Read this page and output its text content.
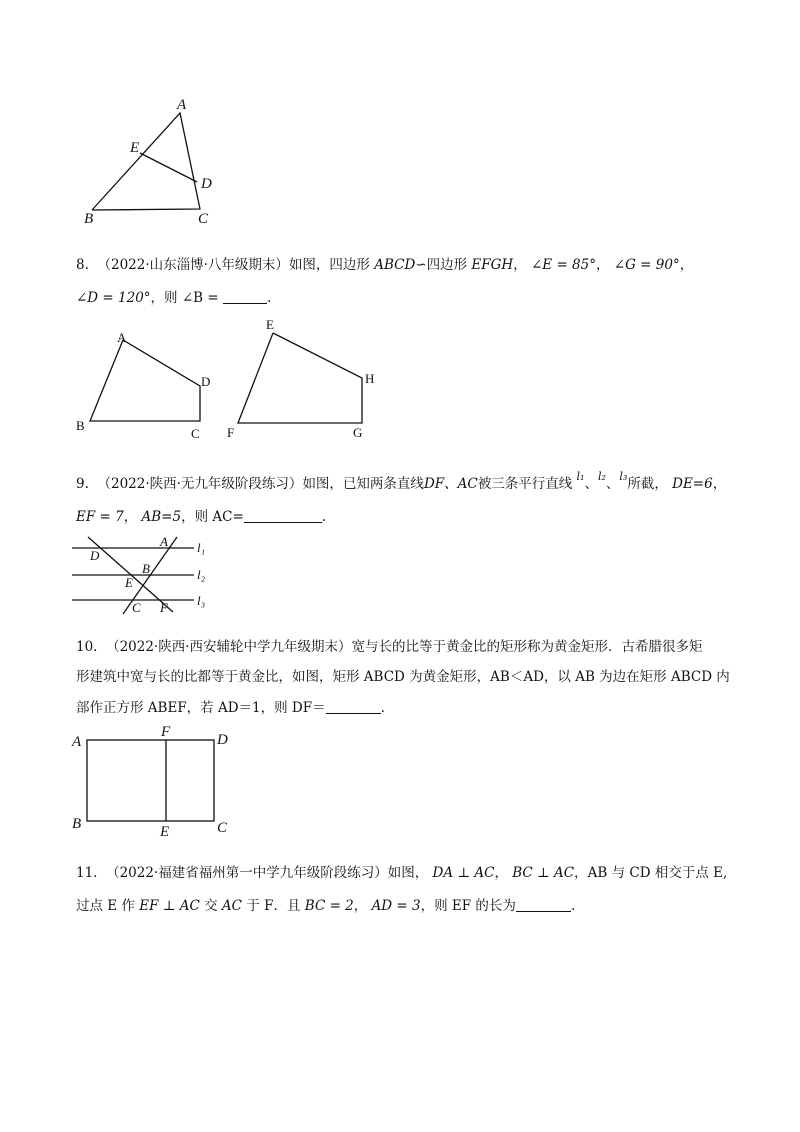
A
E
D
B	C
8. （2022·山东淄博·八年级期末）如图，四边形 ABCD∽四边形 EFGH， ∠E = 85°， ∠G = 90°，
∠D = 120°，则 ∠B =	.
A
D
B
C
E
H
F	G
9. （2022·陕西·无九年级阶段练习）如图，已知两条直线DF、AC被三条平行直线 $^{l_1}$、$^{l_2}$、$^{l_3}$所截， DE=6，
EF = 7， AB=5，则 AC=	.
A
D
B
E
C F
l₁
l₂
l₃
10. （2022·陕西·西安辅轮中学九年级期末）宽与长的比等于黄金比的矩形称为黄金矩形．古希腊很多矩
形建筑中宽与长的比都等于黄金比，如图，矩形 ABCD 为黄金矩形，AB＜AD，以 AB 为边在矩形 ABCD 内
部作正方形 ABEF，若 AD＝1，则 DF＝	.
A
F	D
B	E	C
11. （2022·福建省福州第一中学九年级阶段练习）如图， DA ⊥ AC， BC ⊥ AC，AB 与 CD 相交于点 E,
过点 E 作 EF ⊥ AC 交 AC 于 F．且 BC = 2， AD = 3，则 EF 的长为	.
